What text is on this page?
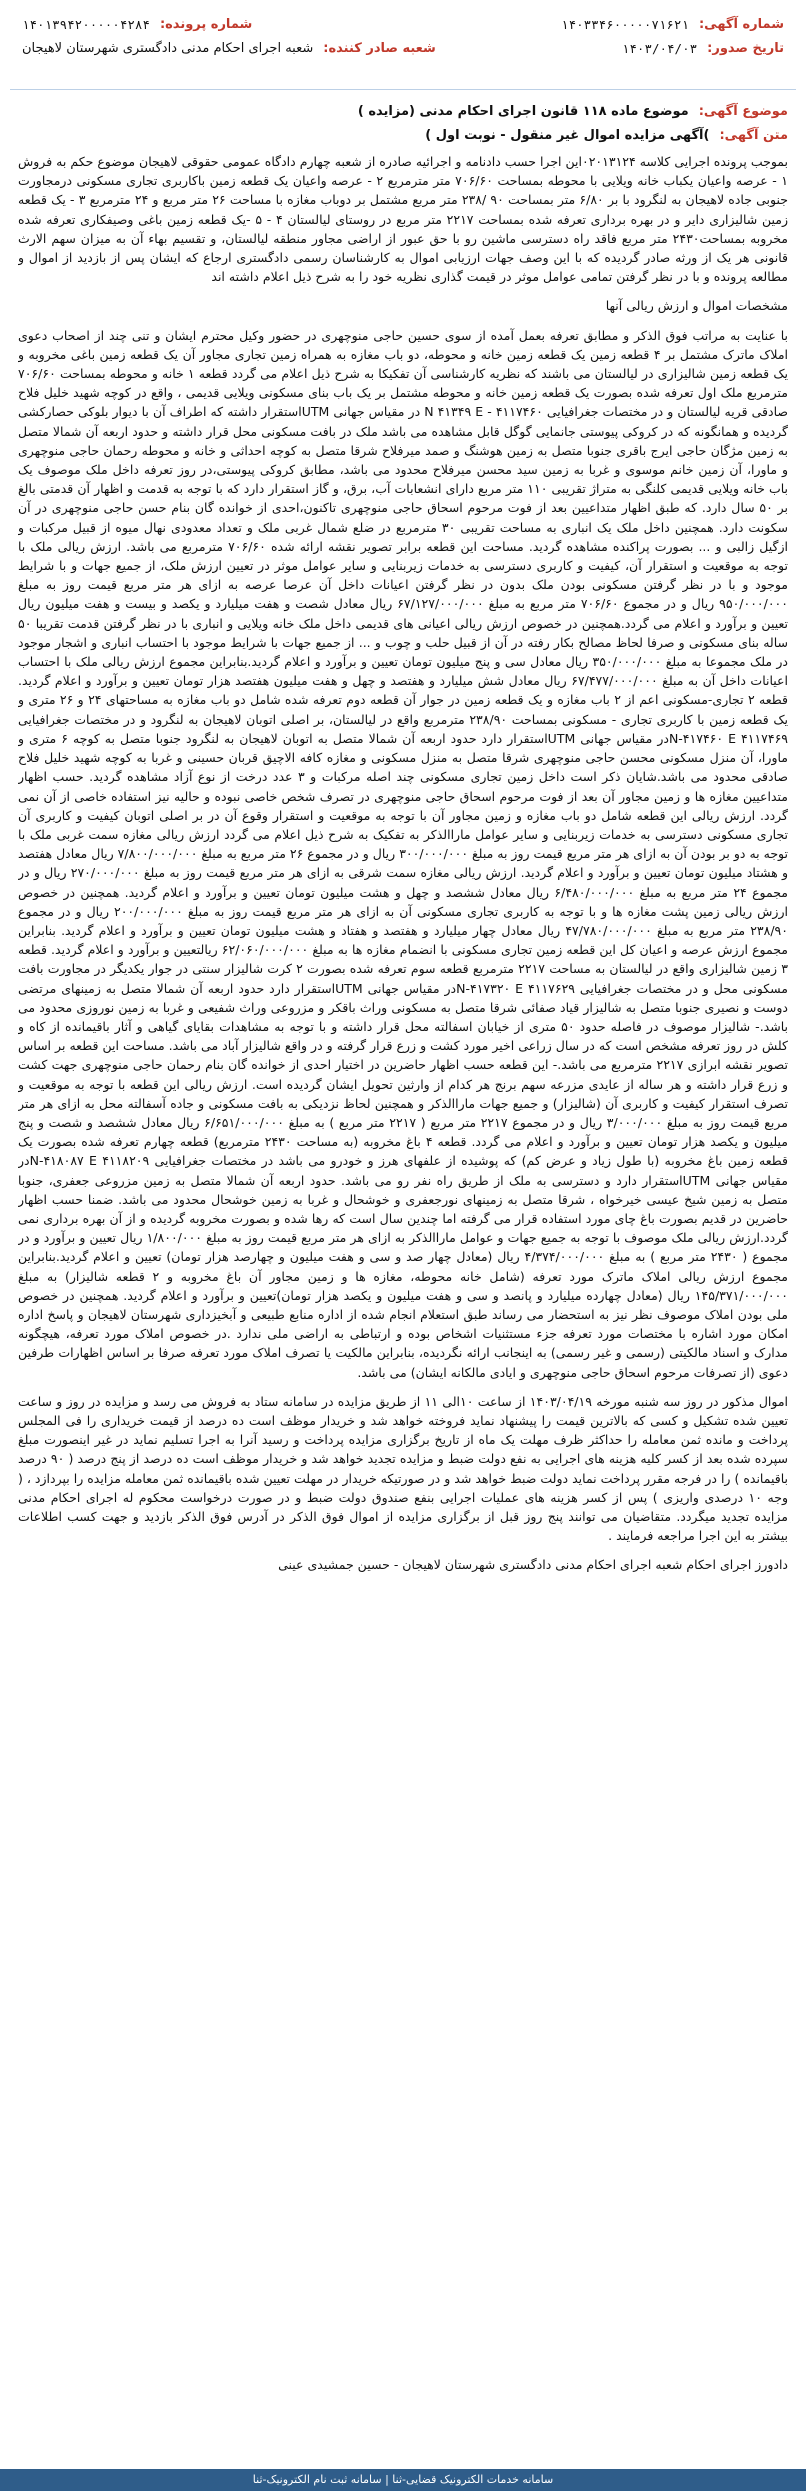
شماره آگهی:
۱۴۰۳۳۴۶۰۰۰۰۰۷۱۶۲۱
شماره پرونده:
۱۴۰۱۳۹۴۲۰۰۰۰۰۴۲۸۴
تاریخ صدور:
۱۴۰۳/۰۴/۰۳
شعبه صادر کننده:
شعبه اجرای احکام مدنی دادگستری شهرستان لاهیجان
موضوع آگهی:
موضوع ماده ۱۱۸ قانون اجرای احکام مدنی (مزایده )
متن آگهی:
)آگهی مزایده اموال غیر منقول - نوبت اول )

بموجب پرونده اجرایی کلاسه ۰۲۰۱۳۱۲۴این اجرا حسب دادنامه و اجرائیه صادره از شعبه چهارم دادگاه عمومی حقوقی لاهیجان موضوع حکم به فروش ۱ - عرصه واعیان یکباب خانه ویلایی با محوطه بمساحت ۷۰۶/۶۰ متر مترمربع ۲ - عرصه واعیان یک قطعه زمین باکاربری تجاری مسکونی درمجاورت جنوبی جاده لاهیجان به لنگرود با بر ۶/۸۰ متر بمساحت ۹۰ /۲۳۸ متر مربع مشتمل بر دوباب مغازه با مساحت ۲۶ متر مربع و ۲۴ مترمربع ۳ - یک قطعه زمین شالیزاری دایر و در بهره برداری تعرفه شده بمساحت ۲۲۱۷ متر مربع در روستای لیالستان ۴ - ۵ -یک قطعه زمین باغی وصیفکاری تعرفه شده مخروبه بمساحت۲۴۳۰ متر مربع فاقد راه دسترسی ماشین رو با حق عبور از اراضی مجاور منطقه لیالستان، و تقسیم بهاء آن به میزان سهم الارث قانونی هر یک از ورثه صادر گردیده که با این وصف جهات ارزیابی اموال به کارشناسان رسمی دادگستری ارجاع که ایشان پس از بازدید از اموال و مطالعه پرونده و با در نظر گرفتن تمامی عوامل موثر در قیمت گذاری نظریه خود را به شرح ذیل اعلام داشته اند

مشخصات اموال و ارزش ریالی آنها

با عنایت به مراتب فوق الذکر و مطابق تعرفه بعمل آمده از سوی حسین حاجی منوچهری در حضور وکیل محترم ایشان و تنی چند از اصحاب دعوی املاک ماترک مشتمل بر ۴ قطعه زمین یک قطعه زمین خانه و محوطه، دو باب مغازه به همراه زمین تجاری مجاور آن یک قطعه زمین باغی مخروبه و یک قطعه زمین شالیزاری در لیالستان می باشند که نظریه کارشناسی آن تفکیکا به شرح ذیل اعلام می گردد قطعه ۱ خانه و محوطه بمساحت ۷۰۶/۶۰ مترمربع ملک اول تعرفه شده بصورت یک قطعه زمین خانه و محوطه مشتمل بر یک باب بنای مسکونی ویلایی قدیمی ، واقع در کوچه شهید خلیل فلاح صادقی قریه لیالستان و در مختصات جغرافیایی ۴۱۱۷۴۶۰ - N ۴۱۳۴۹ E در مقیاس جهانی UTMاستقرار داشته که اطراف آن با دیوار بلوکی حصارکشی گردیده و همانگونه که در کروکی پیوستی جانمایی گوگل قابل مشاهده می باشد ملک در بافت مسکونی محل قرار داشته و حدود اربعه آن شمالا متصل به زمین مژگان حاجی ایرج باقری جنوبا متصل به زمین هوشنگ و صمد میرفلاح شرقا متصل به کوچه احداثی و خانه و محوطه رحمان حاجی منوچهری و ماورا، آن زمین خانم موسوی و غربا به زمین سید محسن میرفلاح محدود می باشد، مطابق کروکی پیوستی،در روز تعرفه داخل ملک موصوف یک باب خانه ویلایی قدیمی کلنگی به متراژ تقریبی ۱۱۰ متر مربع دارای انشعابات آب، برق، و گاز استقرار دارد که با توجه به قدمت و اظهار آن قدمتی بالغ بر ۵۰ سال دارد. که طبق اظهار متداعیین بعد از فوت مرحوم اسحاق حاجی منوچهری تاکنون،احدی از خوانده گان بنام حسن حاجی منوچهری در آن سکونت دارد. همچنین داخل ملک یک انباری به مساحت تقریبی ۳۰ مترمربع در ضلع شمال غربی ملک و تعداد معدودی نهال میوه از قبیل مرکبات و ازگیل زالبی و ... بصورت پراکنده مشاهده گردید. مساحت این قطعه برابر تصویر نقشه ارائه شده ۷۰۶/۶۰ مترمربع می باشد. ارزش ریالی ملک با توجه به موقعیت و استقرار آن، کیفیت و کاربری دسترسی به خدمات زیربنایی و سایر عوامل موثر در تعیین ارزش ملک، از جمیع جهات و با شرایط موجود و با در نظر گرفتن مسکونی بودن ملک بدون در نظر گرفتن اعیانات داخل آن عرصا عرصه به ازای هر متر مربع قیمت روز به مبلغ ۹۵۰/۰۰۰/۰۰۰ ریال و در مجموع ۷۰۶/۶۰ متر مربع به مبلغ ۶۷/۱۲۷/۰۰۰/۰۰۰ ریال معادل شصت و هفت میلیارد و یکصد و بیست و هفت میلیون ریال تعیین و برآورد و اعلام می گردد.همچنین در خصوص ارزش ریالی اعیانی های قدیمی داخل ملک خانه ویلایی و انباری با در نظر گرفتن قدمت تقریبا ۵۰ ساله بنای مسکونی و صرفا لحاظ مصالح بکار رفته در آن از قبیل حلب و چوب و ... از جمیع جهات با شرایط موجود با احتساب انباری و اشجار موجود در ملک مجموعا به مبلغ ۳۵۰/۰۰۰/۰۰۰ ریال معادل سی و پنج میلیون تومان تعیین و برآورد و اعلام گردید.بنابراین مجموع ارزش ریالی ملک با احتساب اعیانات داخل آن به مبلغ ۶۷/۴۷۷/۰۰۰/۰۰۰ ریال معادل شش میلیارد و هفتصد و چهل و هفت میلیون هفتصد هزار تومان تعیین و برآورد و اعلام گردید. قطعه ۲ تجاری-مسکونی اعم از ۲ باب مغازه و یک قطعه زمین در جوار آن قطعه دوم تعرفه شده شامل دو باب مغازه به مساحتهای ۲۴ و ۲۶ متری و یک قطعه زمین با کاربری تجاری - مسکونی بمساحت ۲۳۸/۹۰ مترمربع واقع در لیالستان، بر اصلی اتوبان لاهیجان به لنگرود و در مختصات جغرافیایی ۴۱۱۷۴۶۹ N-۴۱۷۴۶۰ Eدر مقیاس جهانی UTMاستقرار دارد حدود اربعه آن شمالا متصل به اتوبان لاهیجان به لنگرود جنوبا متصل به کوچه ۶ متری و ماورا، آن منزل مسکونی محسن حاجی منوچهری شرقا متصل به منزل مسکونی و مغازه کافه الاچیق قربان حسینی و غربا به کوچه شهید خلیل فلاح صادقی محدود می باشد.شایان ذکر است داخل زمین تجاری مسکونی چند اصله مرکبات و ۳ عدد درخت از نوع آزاد مشاهده گردید. حسب اظهار متداعیین مغازه ها و زمین مجاور آن بعد از فوت مرحوم اسحاق حاجی منوچهری در تصرف شخص خاصی نبوده و حالیه نیز استفاده خاصی از آن نمی گردد. ارزش ریالی این قطعه شامل دو باب مغازه و زمین مجاور آن با توجه به موقعیت و استقرار وقوع آن در بر اصلی اتوبان کیفیت و کاربری آن تجاری مسکونی دسترسی به خدمات زیربنایی و سایر عوامل ماراالذکر به تفکیک به شرح ذیل اعلام می گردد ارزش ریالی مغازه سمت غربی ملک با توجه به دو بر بودن آن به ازای هر متر مربع قیمت روز به مبلغ ۳۰۰/۰۰۰/۰۰۰ ریال و در مجموع ۲۶ متر مربع به مبلغ ۷/۸۰۰/۰۰۰/۰۰۰ ریال معادل هفتصد و هشتاد میلیون تومان تعیین و برآورد و اعلام گردید. ارزش ریالی مغازه سمت شرقی به ازای هر متر مربع قیمت روز به مبلغ ۲۷۰/۰۰۰/۰۰۰ ریال و در مجموع ۲۴ متر مربع به مبلغ ۶/۴۸۰/۰۰۰/۰۰۰ ریال معادل ششصد و چهل و هشت میلیون تومان تعیین و برآورد و اعلام گردید. همچنین در خصوص ارزش ریالی زمین پشت مغازه ها و با توجه به کاربری تجاری مسکونی آن به ازای هر متر مربع قیمت روز به مبلغ ۲۰۰/۰۰۰/۰۰۰ ریال و در مجموع ۲۳۸/۹۰ متر مربع به مبلغ ۴۷/۷۸۰/۰۰۰/۰۰۰ ریال معادل چهار میلیارد و هفتصد و هفتاد و هشت میلیون تومان تعیین و برآورد و اعلام گردید. بنابراین مجموع ارزش عرصه و اعیان کل این قطعه زمین تجاری مسکونی با انضمام مغازه ها به مبلغ ۶۲/۰۶۰/۰۰۰/۰۰۰ ریالتعیین و برآورد و اعلام گردید. قطعه ۳ زمین شالیزاری واقع در لیالستان به مساحت ۲۲۱۷ مترمربع قطعه سوم تعرفه شده بصورت ۲ کرت شالیزار سنتی در جوار یکدیگر در مجاورت بافت مسکونی محل و در مختصات جغرافیایی ۴۱۱۷۶۲۹ N-۴۱۷۳۲۰ Eدر مقیاس جهانی UTMاستقرار دارد حدود اربعه آن شمالا متصل به زمینهای مرتضی دوست و نصیری جنوبا متصل به شالیزار قیاد صفائی شرقا متصل به مسکونی وراث باقکر و مزروعی وراث شفیعی و غربا به زمین نوروزی محدود می باشد.- شالیزار موصوف در فاصله حدود ۵۰ متری از خیابان اسفالته محل قرار داشته و با توجه به مشاهدات بقایای گیاهی و آثار باقیمانده از کاه و کلش در روز تعرفه مشخص است که در سال زراعی اخیر مورد کشت و زرع قرار گرفته و در واقع شالیزار آباد می باشد. مساحت این قطعه بر اساس تصویر نقشه ابرازی ۲۲۱۷ مترمربع می باشد.- این قطعه حسب اظهار حاضرین در اختیار احدی از خوانده گان بنام رحمان حاجی منوچهری جهت کشت و زرع قرار داشته و هر ساله از عایدی مزرعه سهم برنج هر کدام از وارثین تحویل ایشان گردیده است. ارزش ریالی این قطعه با توجه به موقعیت و تصرف استقرار کیفیت و کاربری آن (شالیزار) و جمیع جهات ماراالذکر و همچنین لحاظ نزدیکی به بافت مسکونی و جاده آسفالته محل به ازای هر متر مربع قیمت روز به مبلغ ۳/۰۰۰/۰۰۰ ریال و در مجموع ۲۲۱۷ متر مربع ( ۲۲۱۷ متر مربع ) به مبلغ ۶/۶۵۱/۰۰۰/۰۰۰ ریال معادل ششصد و شصت و پنج میلیون و یکصد هزار تومان تعیین و برآورد و اعلام می گردد. قطعه ۴ باغ مخروبه (به مساحت ۲۴۳۰ مترمربع) قطعه چهارم تعرفه شده بصورت یک قطعه زمین باغ مخروبه (با طول زیاد و عرض کم) که پوشیده از علفهای هرز و خودرو می باشد در مختصات جغرافیایی ۴۱۱۸۲۰۹ N-۴۱۸۰۸۷ Eدر مقیاس جهانی UTMاستقرار دارد و دسترسی به ملک از طریق راه نفر رو می باشد. حدود اربعه آن شمالا متصل به زمین مزروعی جعفری، جنوبا متصل به زمین شیخ عیسی خیرخواه ، شرقا متصل به زمینهای نورجعفری و خوشحال و غربا به زمین خوشحال محدود می باشد. ضمنا حسب اظهار حاضرین در قدیم بصورت باغ چای مورد استفاده قرار می گرفته اما چندین سال است که رها شده و بصورت مخروبه گردیده و از آن بهره برداری نمی گردد.ارزش ریالی ملک موصوف با توجه به جمیع جهات و عوامل ماراالذکر به ازای هر متر مربع قیمت روز به مبلغ ۱/۸۰۰/۰۰۰ ریال تعیین و برآورد و در مجموع ( ۲۴۳۰ متر مربع ) به مبلغ ۴/۳۷۴/۰۰۰/۰۰۰ ریال (معادل چهار صد و سی و هفت میلیون و چهارصد هزار تومان) تعیین و اعلام گردید.بنابراین مجموع ارزش ریالی املاک ماترک مورد تعرفه (شامل خانه محوطه، مغازه ها و زمین مجاور آن باغ مخروبه و ۲ قطعه شالیزار) به مبلغ ۱۴۵/۳۷۱/۰۰۰/۰۰۰ ریال (معادل چهارده میلیارد و پانصد و سی و هفت میلیون و یکصد هزار تومان)تعیین و برآورد و اعلام گردید. همچنین در خصوص ملی بودن املاک موصوف نظر نیز به استحضار می رساند طبق استعلام انجام شده از اداره منابع طبیعی و آبخیزداری شهرستان لاهیجان و پاسخ اداره امکان مورد اشاره با مختصات مورد تعرفه جزء مستثنیات اشخاص بوده و ارتباطی به اراضی ملی ندارد .در خصوص املاک مورد تعرفه، هیچگونه مدارک و اسناد مالکیتی (رسمی و غیر رسمی) به اینجانب ارائه نگردیده، بنابراین مالکیت یا تصرف املاک مورد تعرفه صرفا بر اساس اظهارات طرفین دعوی (از تصرفات مرحوم اسحاق حاجی منوچهری و ایادی مالکانه ایشان) می باشد.

اموال مذکور در روز سه شنبه مورخه ۱۴۰۳/۰۴/۱۹ از ساعت ۱۰الی ۱۱ از طریق مزایده در سامانه ستاد به فروش می رسد و مزایده در روز و ساعت تعیین شده تشکیل و کسی که بالاترین قیمت را پیشنهاد نماید فروخته خواهد شد و خریدار موظف است ده درصد از قیمت خریداری را فی المجلس پرداخت و مانده ثمن معامله را حداکثر ظرف مهلت یک ماه از تاریخ برگزاری مزایده پرداخت و رسید آنرا به اجرا تسلیم نماید در غیر اینصورت مبلغ سپرده شده بعد از کسر کلیه هزینه های اجرایی به نفع دولت ضبط و مزایده تجدید خواهد شد و خریدار موظف است ده درصد از پنج درصد ( ۹۰ درصد باقیمانده ) را در فرجه مقرر پرداخت نماید دولت ضبط خواهد شد و در صورتیکه خریدار در مهلت تعیین شده باقیمانده ثمن معامله مزایده را بپردازد ، ( وجه ۱۰ درصدی واریزی ) پس از کسر هزینه های عملیات اجرایی بنفع صندوق دولت ضبط و در صورت درخواست محکوم له اجرای احکام مدنی مزایده تجدید میگردد. متقاضیان می توانند پنج روز قبل از برگزاری مزایده از اموال فوق الذکر در آدرس فوق الذکر بازدید و جهت کسب اطلاعات بیشتر به این اجرا مراجعه فرمایند .

دادورز اجرای احکام شعبه اجرای احکام مدنی دادگستری شهرستان لاهیجان - حسین جمشیدی عینی

سامانه خدمات الکترونیک قضایی-ثنا | سامانه ثبت نام الکترونیک-ثنا
